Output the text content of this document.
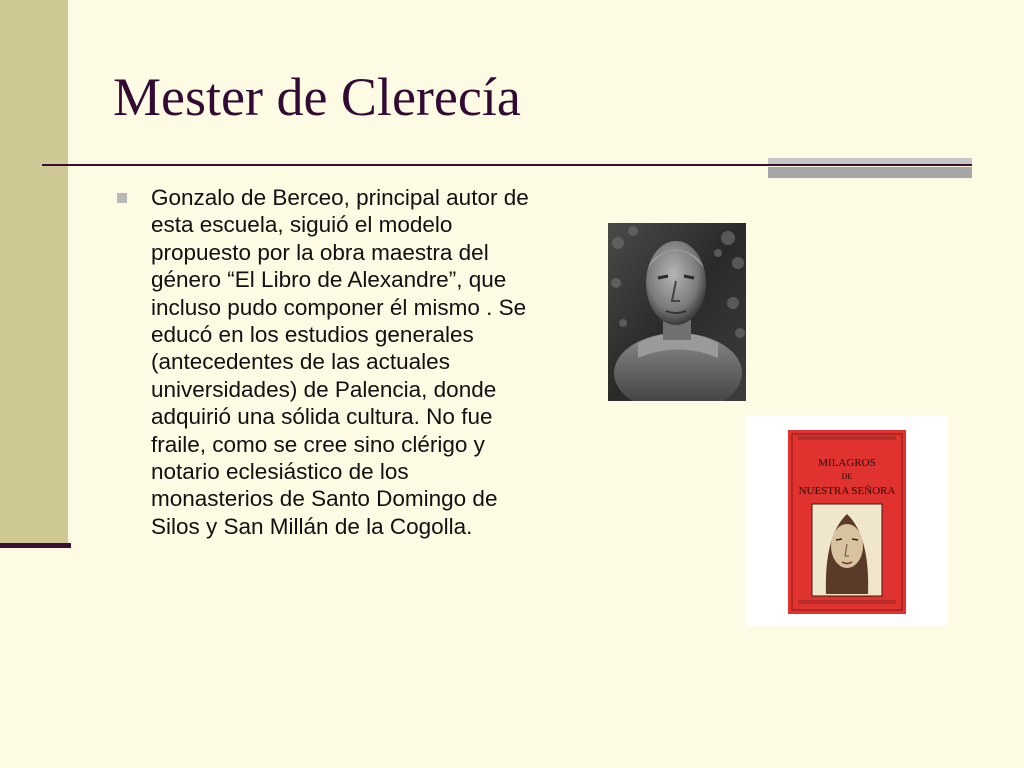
Mester de Clerecía

Gonzalo de Berceo, principal autor de esta escuela, siguió el modelo propuesto por la obra maestra del género “El Libro de Alexandre”, que incluso pudo componer él mismo . Se educó en los estudios generales (antecedentes de las actuales universidades) de Palencia, donde adquirió una sólida cultura. No fue fraile, como se cree sino clérigo y notario eclesiástico de los monasterios de Santo Domingo de Silos y San Millán de la Cogolla.

MILAGROS
DE
NUESTRA SEÑORA
